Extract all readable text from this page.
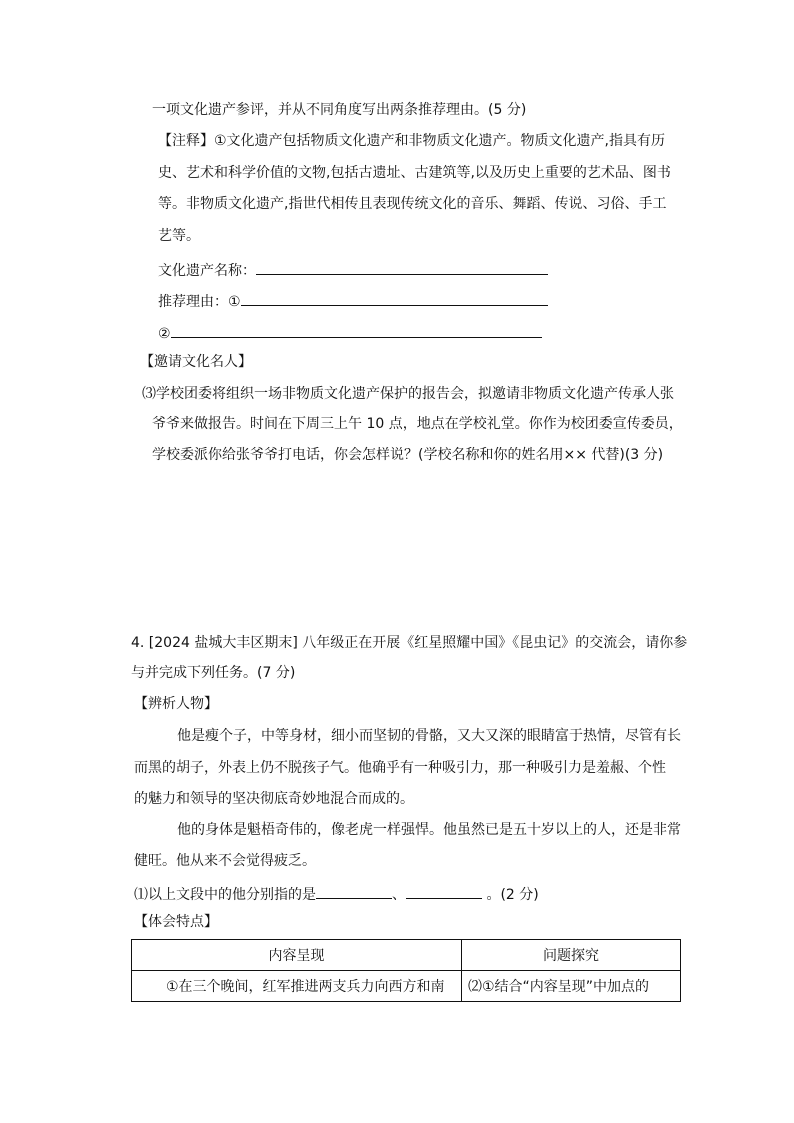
一项文化遗产参评，并从不同角度写出两条推荐理由。(5 分)
【注释】①文化遗产包括物质文化遗产和非物质文化遗产。物质文化遗产,指具有历
史、艺术和科学价值的文物,包括古遗址、古建筑等,以及历史上重要的艺术品、图书
等。非物质文化遗产,指世代相传且表现传统文化的音乐、舞蹈、传说、习俗、手工
艺等。
文化遗产名称：
推荐理由：①
②
【邀请文化名人】
⑶学校团委将组织一场非物质文化遗产保护的报告会，拟邀请非物质文化遗产传承人张
爷爷来做报告。时间在下周三上午 10 点，地点在学校礼堂。你作为校团委宣传委员，
学校委派你给张爷爷打电话，你会怎样说？(学校名称和你的姓名用×× 代替)(3 分)
4. [2024 盐城大丰区期末] 八年级正在开展《红星照耀中国》《昆虫记》的交流会，请你参
与并完成下列任务。(7 分)
【辨析人物】
他是瘦个子，中等身材，细小而坚韧的骨骼，又大又深的眼睛富于热情，尽管有长
而黑的胡子，外表上仍不脱孩子气。他确乎有一种吸引力，那一种吸引力是羞赧、个性
的魅力和领导的坚决彻底奇妙地混合而成的。
他的身体是魁梧奇伟的，像老虎一样强悍。他虽然已是五十岁以上的人，还是非常
健旺。他从来不会觉得疲乏。
⑴以上文段中的他分别指的是	、	。(2 分)
【体会特点】
内容呈现	问题探究
①在三个晚间，红军推进两支兵力向西方和南	⑵①结合“内容呈现”中加点的
